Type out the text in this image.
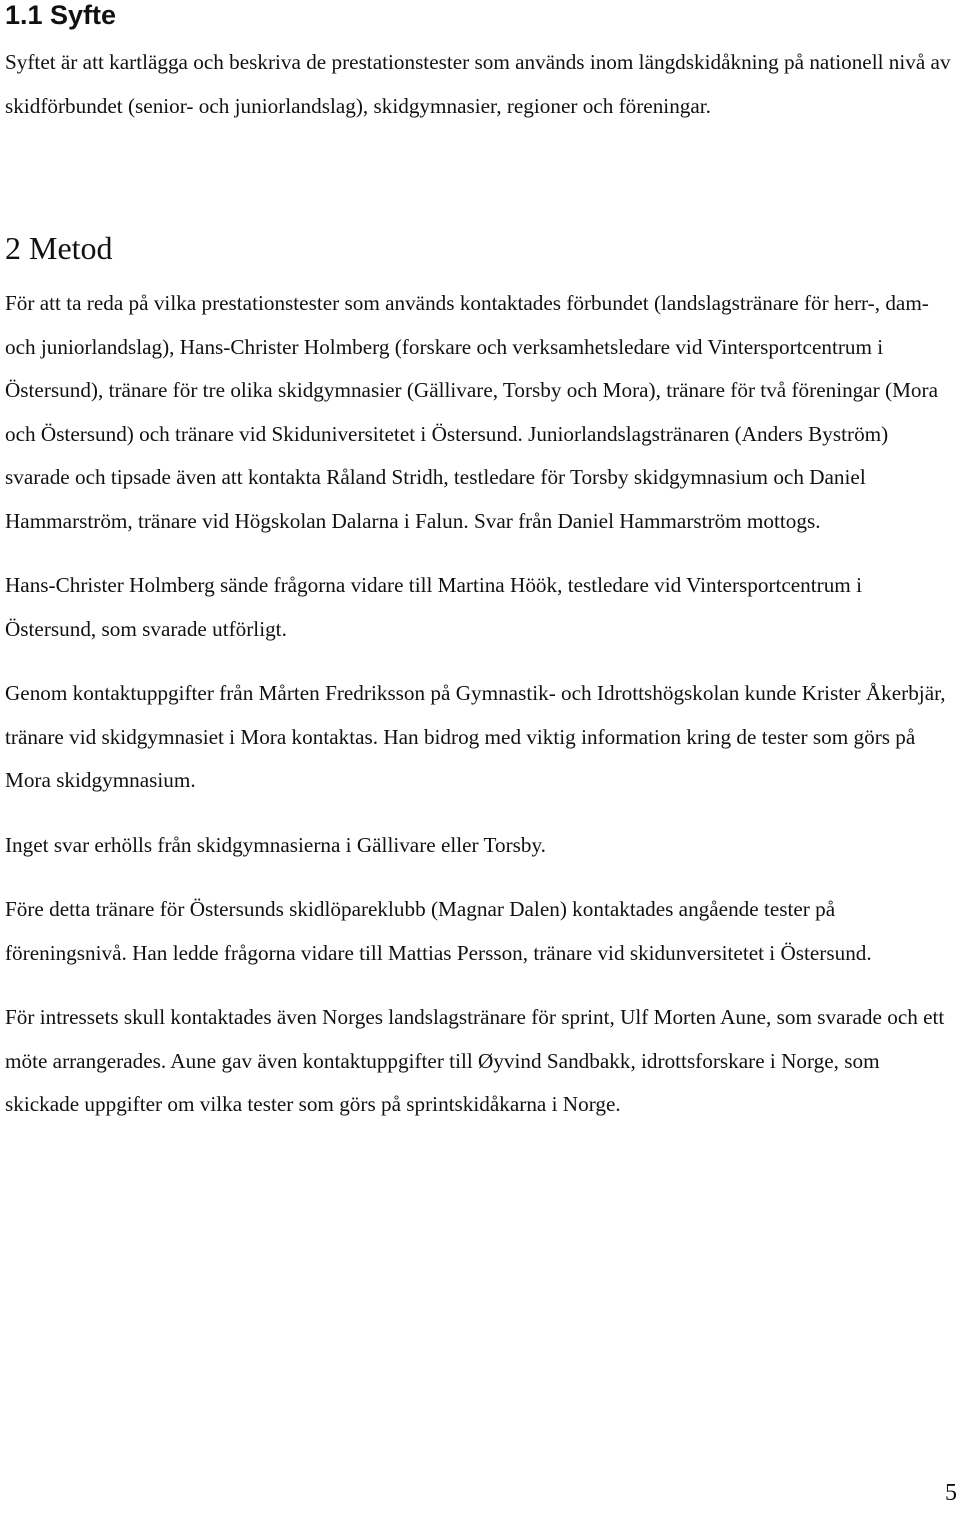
1.1 Syfte

Syftet är att kartlägga och beskriva de prestationstester som används inom längdskidåkning på nationell nivå av skidförbundet (senior- och juniorlandslag), skidgymnasier, regioner och föreningar.

2 Metod

För att ta reda på vilka prestationstester som används kontaktades förbundet (landslagstränare för herr-, dam- och juniorlandslag), Hans-Christer Holmberg (forskare och verksamhetsledare vid Vintersportcentrum i Östersund), tränare för tre olika skidgymnasier (Gällivare, Torsby och Mora), tränare för två föreningar (Mora och Östersund) och tränare vid Skiduniversitetet i Östersund. Juniorlandslagstränaren (Anders Byström) svarade och tipsade även att kontakta Råland Stridh, testledare för Torsby skidgymnasium och Daniel Hammarström, tränare vid Högskolan Dalarna i Falun. Svar från Daniel Hammarström mottogs.

Hans-Christer Holmberg sände frågorna vidare till Martina Höök, testledare vid Vintersportcentrum i Östersund, som svarade utförligt.

Genom kontaktuppgifter från Mårten Fredriksson på Gymnastik- och Idrottshögskolan kunde Krister Åkerbjär, tränare vid skidgymnasiet i Mora kontaktas. Han bidrog med viktig information kring de tester som görs på Mora skidgymnasium.

Inget svar erhölls från skidgymnasierna i Gällivare eller Torsby.

Före detta tränare för Östersunds skidlöpareklubb (Magnar Dalen) kontaktades angående tester på föreningsnivå. Han ledde frågorna vidare till Mattias Persson, tränare vid skidunversitetet i Östersund.

För intressets skull kontaktades även Norges landslagstränare för sprint, Ulf Morten Aune, som svarade och ett möte arrangerades. Aune gav även kontaktuppgifter till Øyvind Sandbakk, idrottsforskare i Norge, som skickade uppgifter om vilka tester som görs på sprintskidåkarna i Norge.

5
